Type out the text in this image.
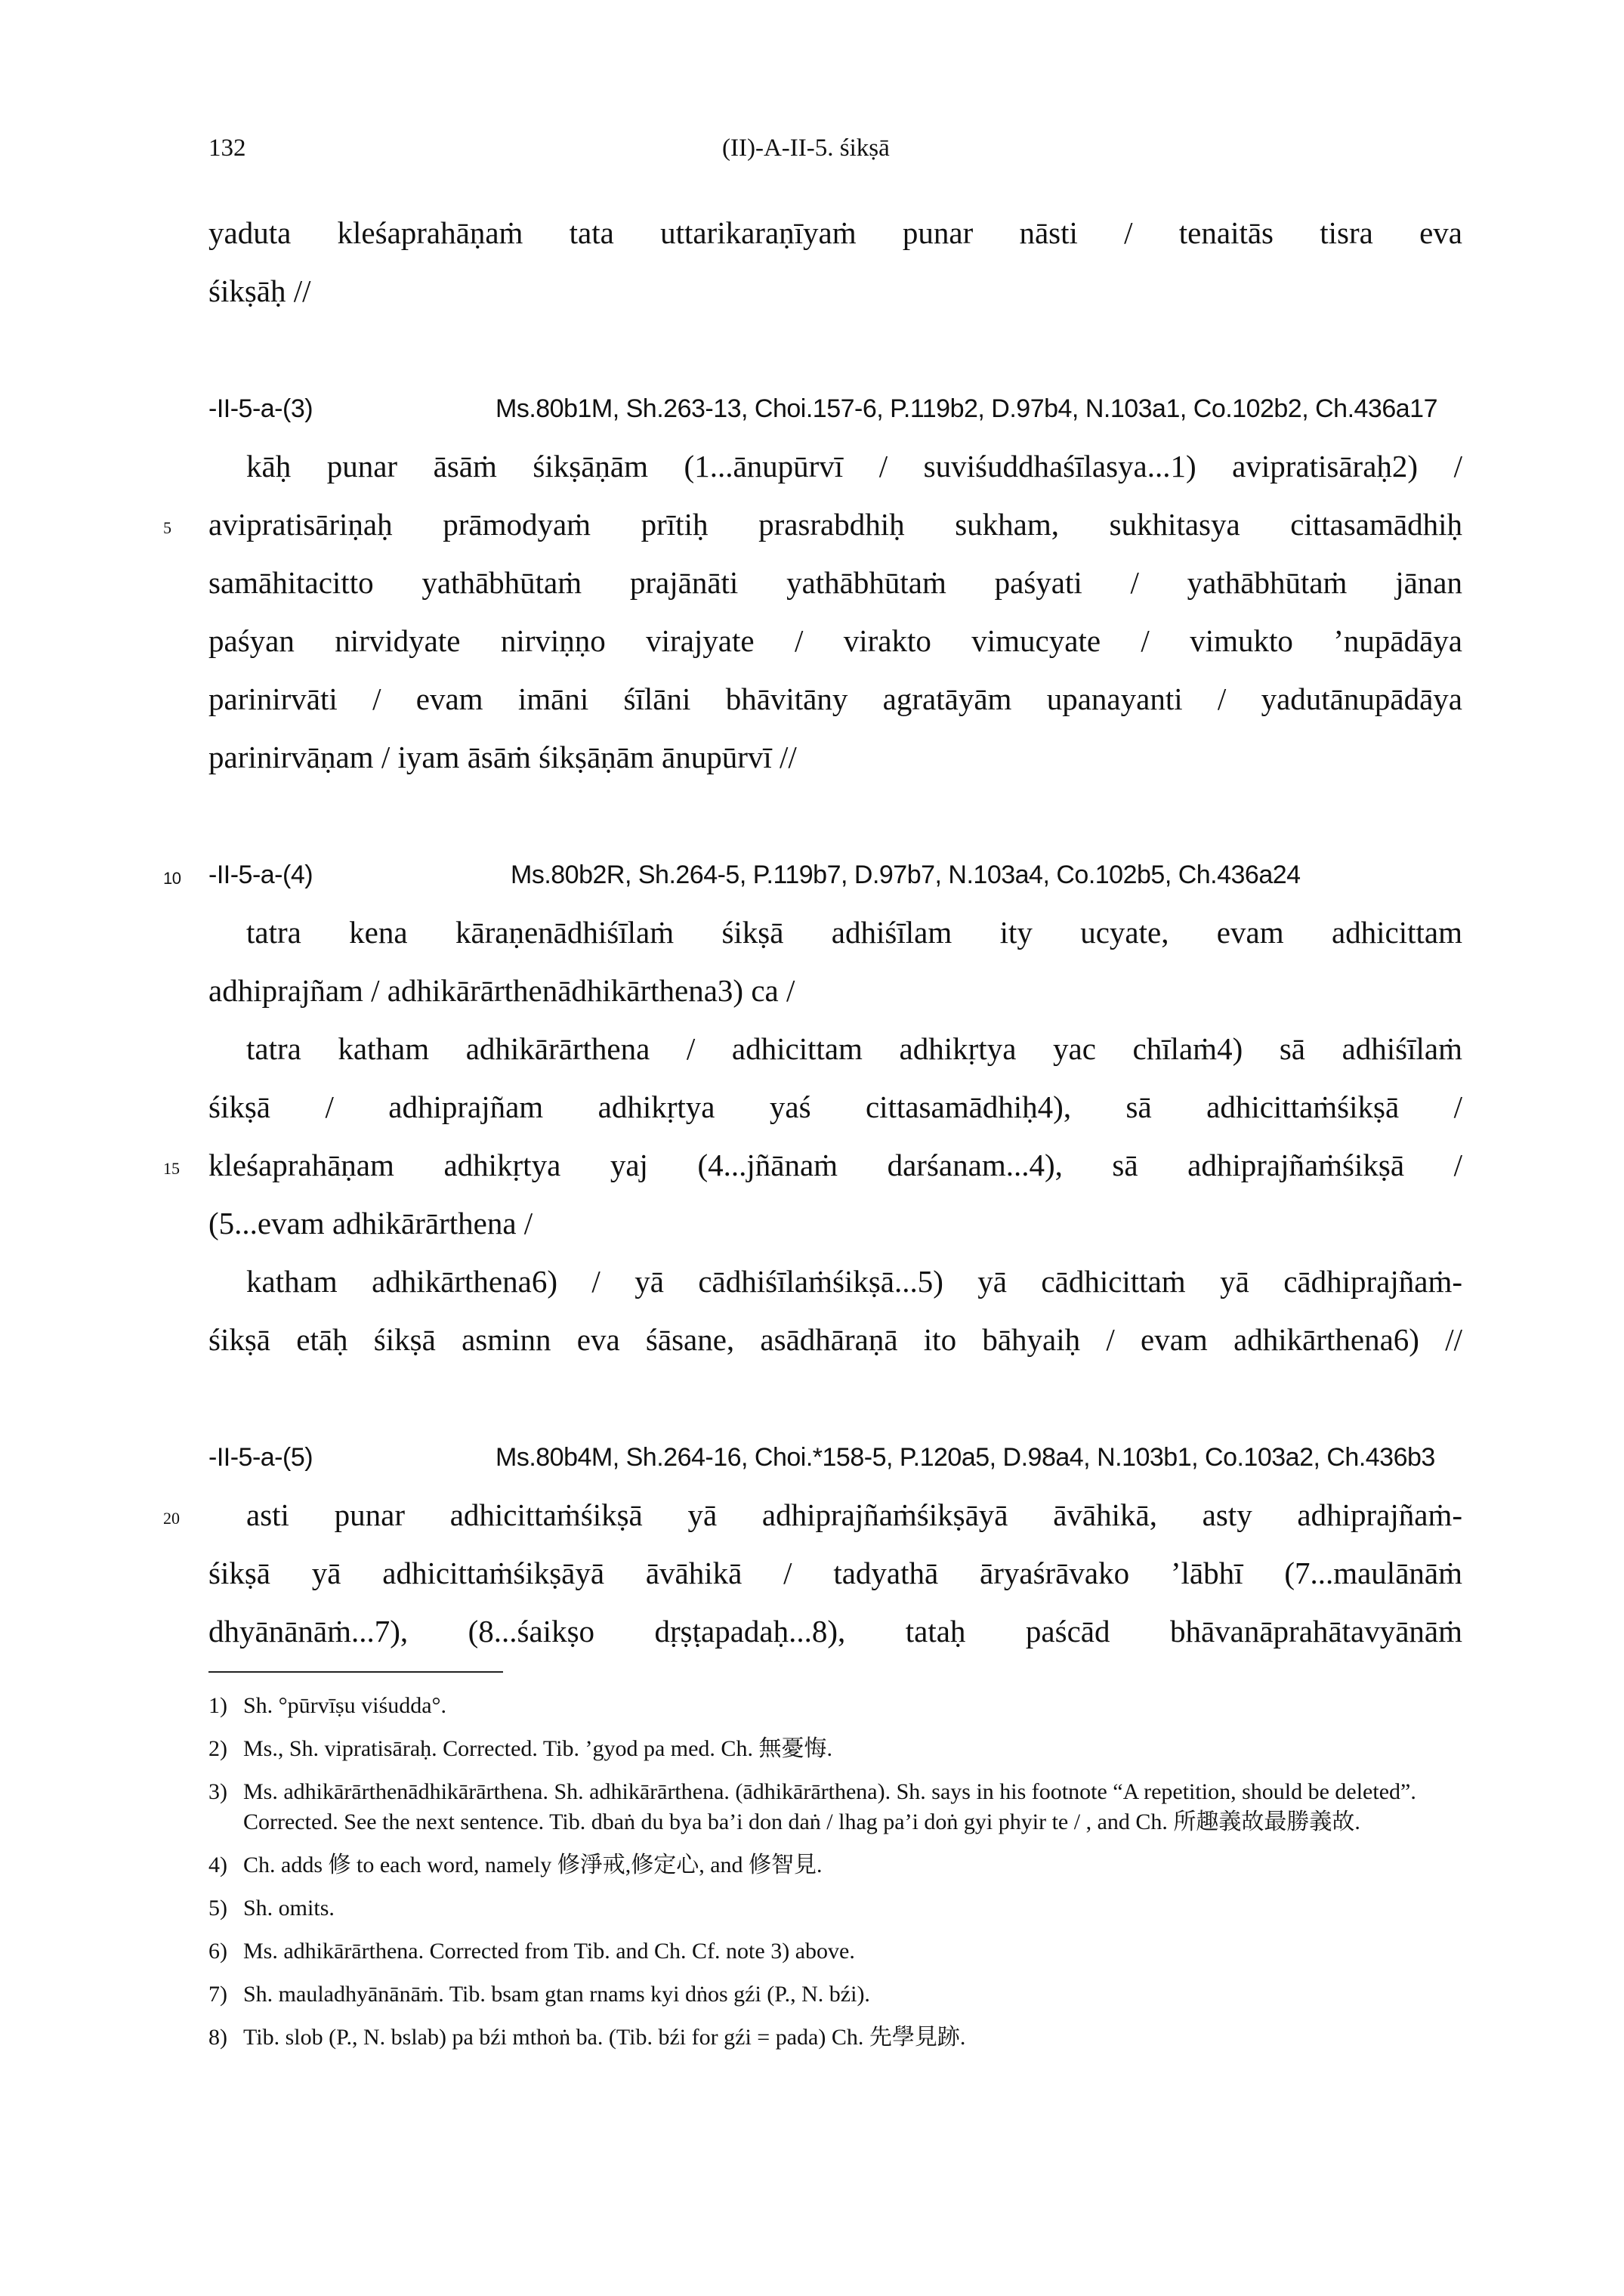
132	(II)-A-II-5. śikṣā
yaduta kleśaprahāṇaṁ tata uttarikaraṇīyaṁ punar nāsti / tenaitās tisra eva
śikṣāḥ //
-II-5-a-(3)	Ms.80b1M, Sh.263-13, Choi.157-6, P.119b2, D.97b4, N.103a1, Co.102b2, Ch.436a17
kāḥ punar āsāṁ śikṣāṇām (1...ānupūrvī / suviśuddhaśīlasya...1) avipratisāraḥ2) /
5 avipratisāriṇaḥ prāmodyaṁ prītiḥ prasrabdhiḥ sukham, sukhitasya cittasamādhiḥ
samāhitacitto yathābhūtaṁ prajānāti yathābhūtaṁ paśyati / yathābhūtaṁ jānan
paśyan nirvidyate nirviṇṇo virajyate / virakto vimucyate / vimukto ’nupādāya
parinirvāti / evam imāni śīlāni bhāvitāny agratāyām upanayanti / yadutānupādāya
parinirvāṇam / iyam āsāṁ śikṣāṇām ānupūrvī //
10 -II-5-a-(4)	Ms.80b2R, Sh.264-5, P.119b7, D.97b7, N.103a4, Co.102b5, Ch.436a24
tatra kena kāraṇenādhiśīlaṁ śikṣā adhiśīlam ity ucyate, evam adhicittam
adhiprajñam / adhikārārthenādhikārthena3) ca /
tatra katham adhikārārthena / adhicittam adhikṛtya yac chīlaṁ4) sā adhiśīlaṁ
śikṣā / adhiprajñam adhikṛtya yaś cittasamādhiḥ4), sā adhicittaṁśikṣā /
15 kleśaprahāṇam adhikṛtya yaj (4...jñānaṁ darśanam...4), sā adhiprajñaṁśikṣā /
(5...evam adhikārārthena /
katham adhikārthena6) / yā cādhiśīlaṁśikṣā...5) yā cādhicittaṁ yā cādhiprajñaṁ-
śikṣā etāḥ śikṣā asminn eva śāsane, asādhāraṇā ito bāhyaiḥ / evam adhikārthena6) //
-II-5-a-(5)	Ms.80b4M, Sh.264-16, Choi.*158-5, P.120a5, D.98a4, N.103b1, Co.103a2, Ch.436b3
20 asti punar adhicittaṁśikṣā yā adhiprajñaṁśikṣāyā āvāhikā, asty adhiprajñaṁ-
śikṣā yā adhicittaṁśikṣāyā āvāhikā / tadyathā āryaśrāvako ’lābhī (7...maulānāṁ
dhyānānāṁ...7), (8...śaikṣo dṛṣṭapadaḥ...8), tataḥ paścād bhāvanāprahātavyānāṁ
1) Sh. °pūrvīṣu viśudda°.
2) Ms., Sh. vipratisāraḥ. Corrected. Tib. ’gyod pa med. Ch. 無憂悔.
3) Ms. adhikārārthenādhikārārthena. Sh. adhikārārthena. (ādhikārārthena). Sh. says in his footnote “A repetition, should be deleted”. Corrected. See the next sentence. Tib. dbaṅ du bya ba’i don daṅ / lhag pa’i doṅ gyi phyir te / , and Ch. 所趣義故最勝義故.
4) Ch. adds 修 to each word, namely 修淨戒,修定心, and 修智見.
5) Sh. omits.
6) Ms. adhikārārthena. Corrected from Tib. and Ch. Cf. note 3) above.
7) Sh. mauladhyānānāṁ. Tib. bsam gtan rnams kyi dṅos gźi (P., N. bźi).
8) Tib. slob (P., N. bslab) pa bźi mthoṅ ba. (Tib. bźi for gźi = pada) Ch. 先學見跡.
